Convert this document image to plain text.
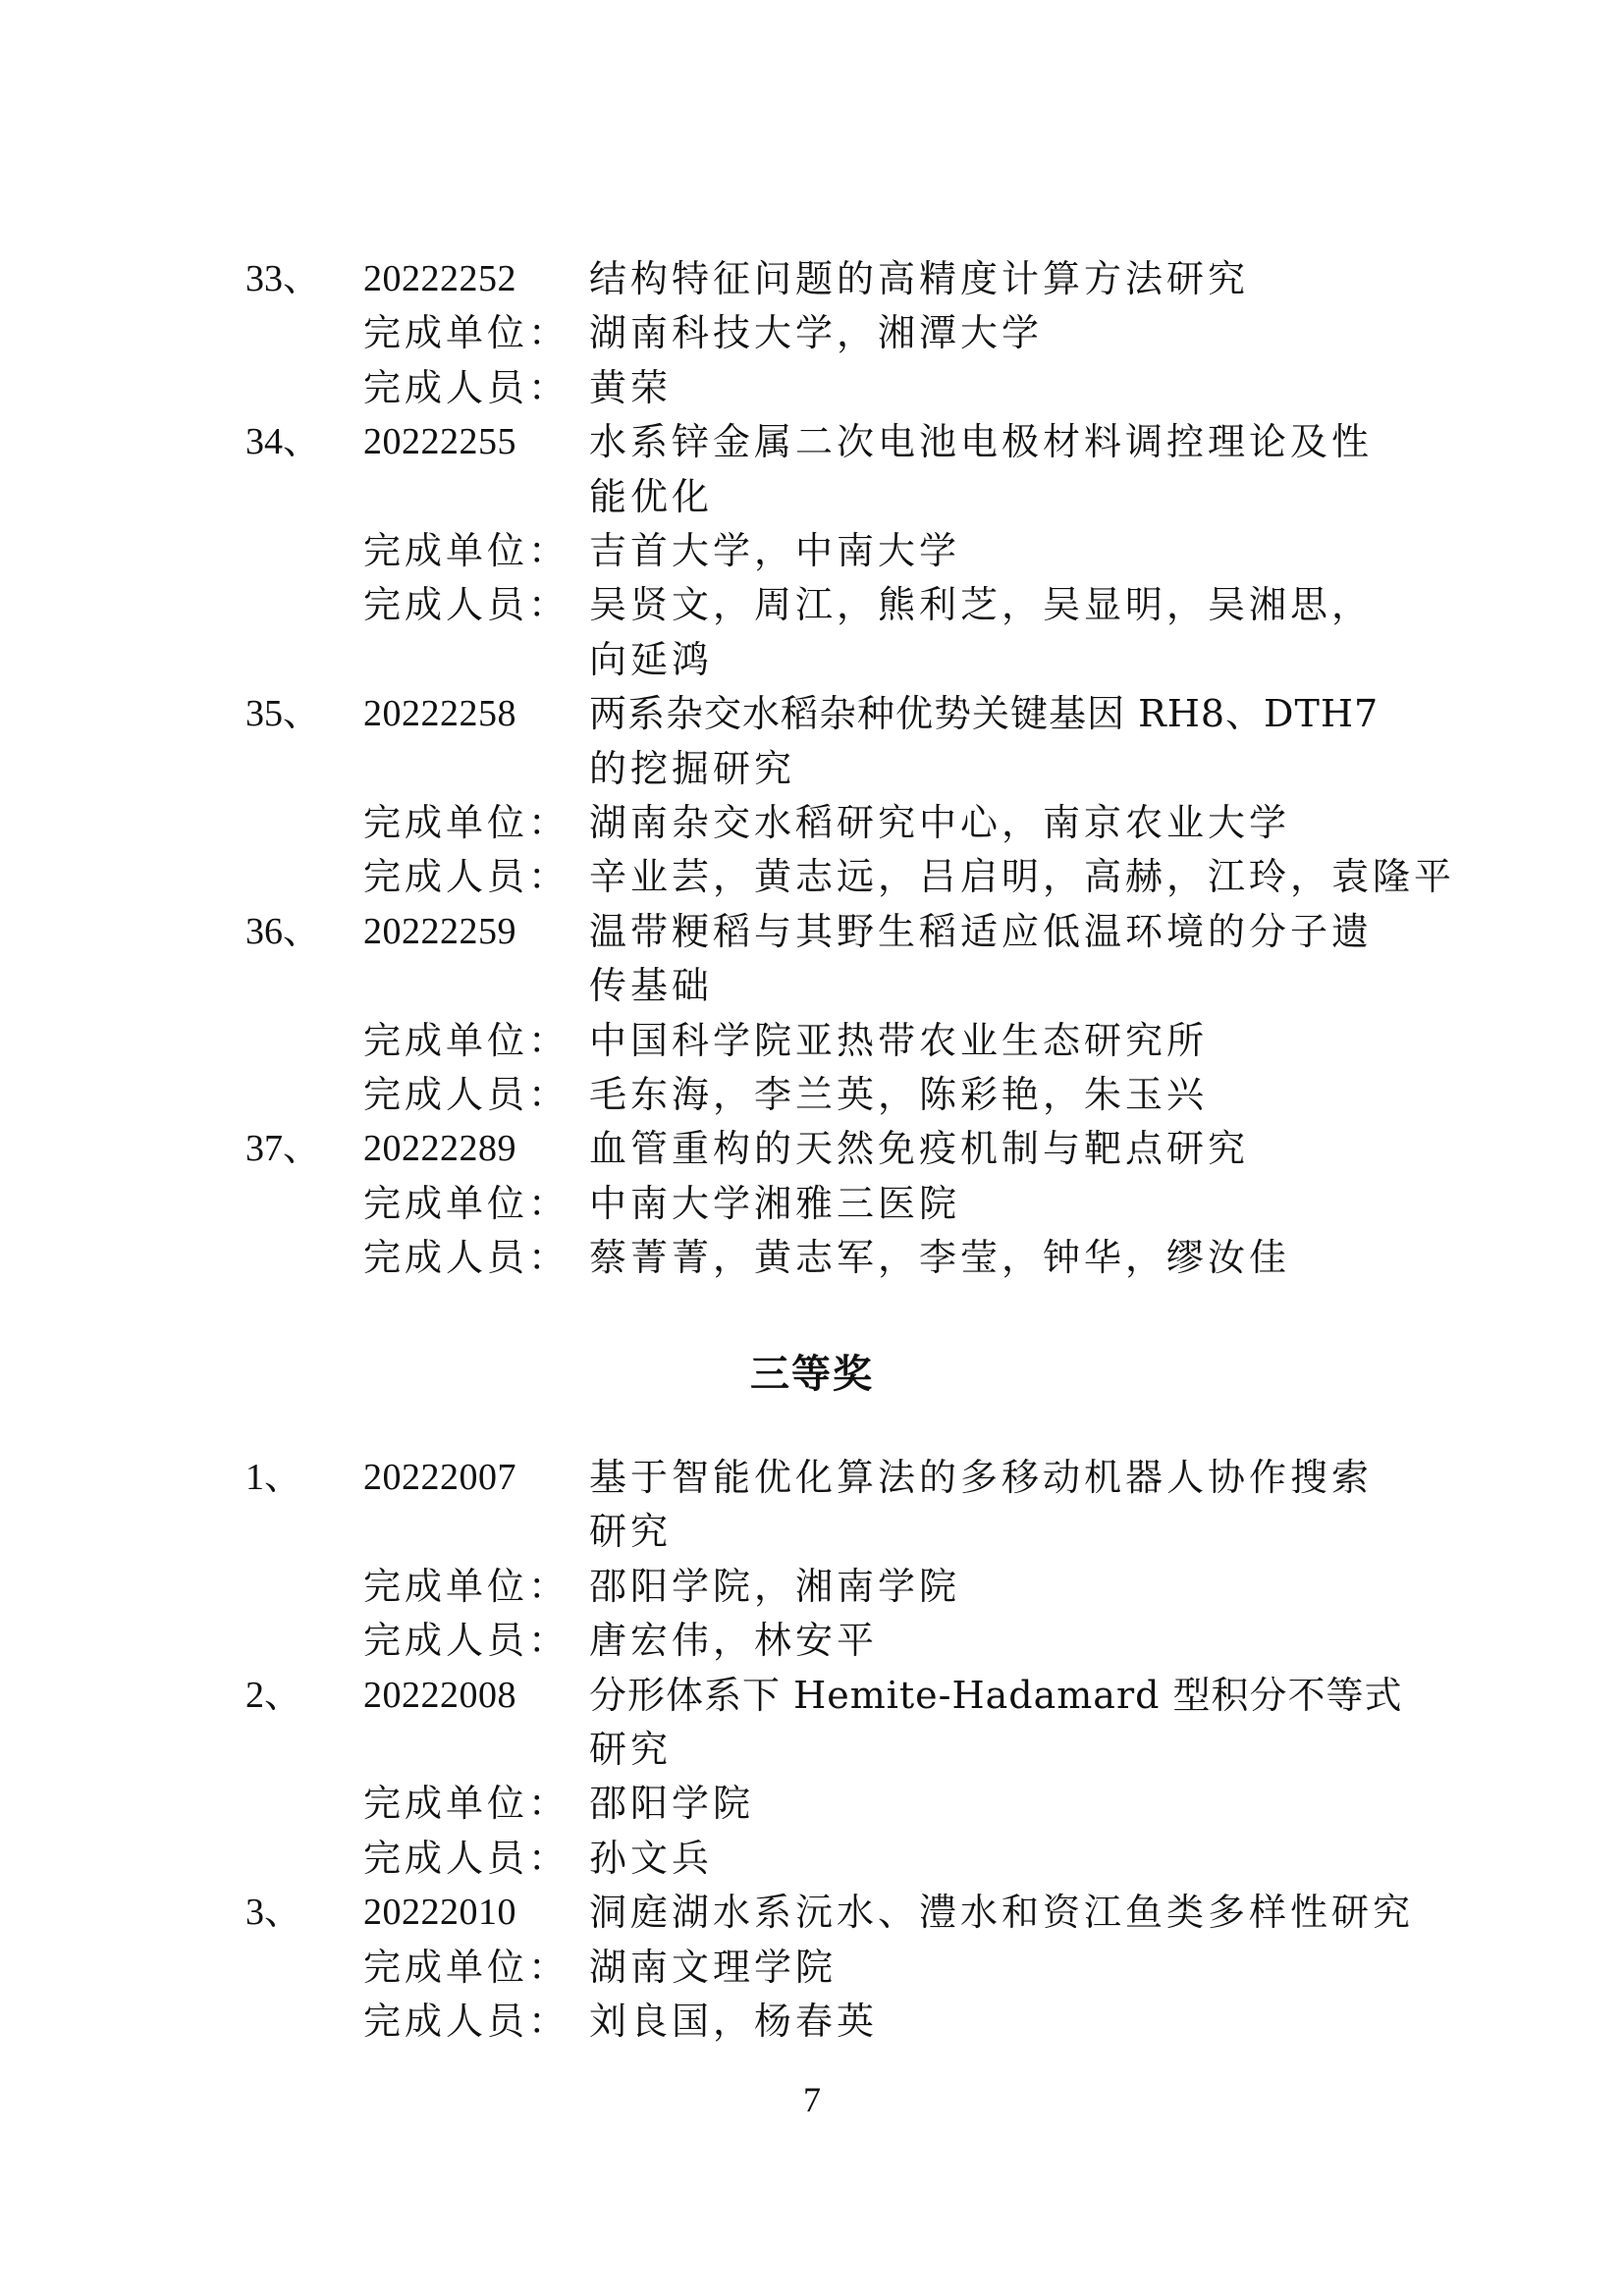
33、 20222252 结构特征问题的高精度计算方法研究
完成单位： 湖南科技大学，湘潭大学
完成人员： 黄荣
34、 20222255 水系锌金属二次电池电极材料调控理论及性
能优化
完成单位： 吉首大学，中南大学
完成人员： 吴贤文，周江，熊利芝，吴显明，吴湘思，
向延鸿
35、 20222258 两系杂交水稻杂种优势关键基因 RH8、DTH7
的挖掘研究
完成单位： 湖南杂交水稻研究中心，南京农业大学
完成人员： 辛业芸，黄志远，吕启明，高赫，江玲，袁隆平
36、 20222259 温带粳稻与其野生稻适应低温环境的分子遗
传基础
完成单位： 中国科学院亚热带农业生态研究所
完成人员： 毛东海，李兰英，陈彩艳，朱玉兴
37、 20222289 血管重构的天然免疫机制与靶点研究
完成单位： 中南大学湘雅三医院
完成人员： 蔡菁菁，黄志军，李莹，钟华，缪汝佳
1、 20222007 基于智能优化算法的多移动机器人协作搜索
研究
完成单位： 邵阳学院，湘南学院
完成人员： 唐宏伟，林安平
2、 20222008 分形体系下 Hemite-Hadamard 型积分不等式
研究
完成单位： 邵阳学院
完成人员： 孙文兵
3、 20222010 洞庭湖水系沅水、澧水和资江鱼类多样性研究
完成单位： 湖南文理学院
完成人员： 刘良国，杨春英
三等奖
7
